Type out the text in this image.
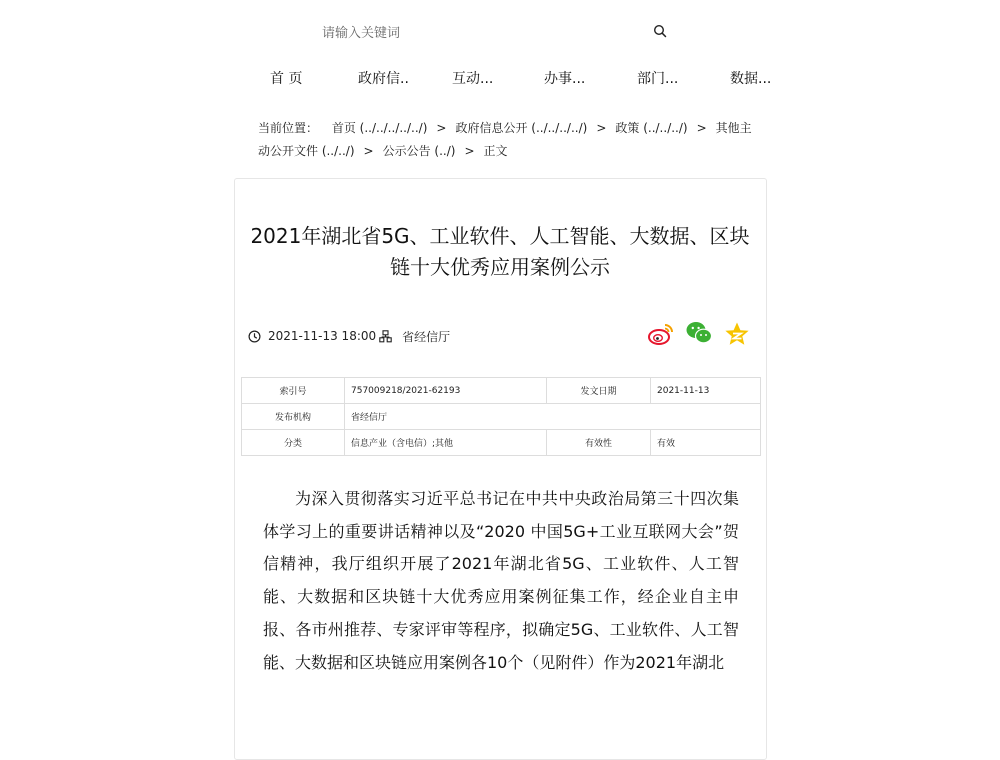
请输入关键词
首 页	政府信..	互动...	办事...	部门...	数据...
当前位置： 首页 (../../../../../) > 政府信息公开 (../../../../) > 政策 (../../../) > 其他主动公开文件 (../../) > 公示公告 (../) > 正文
2021年湖北省5G、工业软件、人工智能、大数据、区块链十大优秀应用案例公示
2021-11-13 18:00 省经信厅
索引号	757009218/2021-62193	发文日期	2021-11-13
发布机构	省经信厅		
分类	信息产业（含电信）;其他	有效性	有效
为深入贯彻落实习近平总书记在中共中央政治局第三十四次集体学习上的重要讲话精神以及“2020 中国5G+工业互联网大会”贺信精神，我厅组织开展了2021年湖北省5G、工业软件、人工智能、大数据和区块链十大优秀应用案例征集工作，经企业自主申报、各市州推荐、专家评审等程序，拟确定5G、工业软件、人工智能、大数据和区块链应用案例各10个（见附件）作为2021年湖北
